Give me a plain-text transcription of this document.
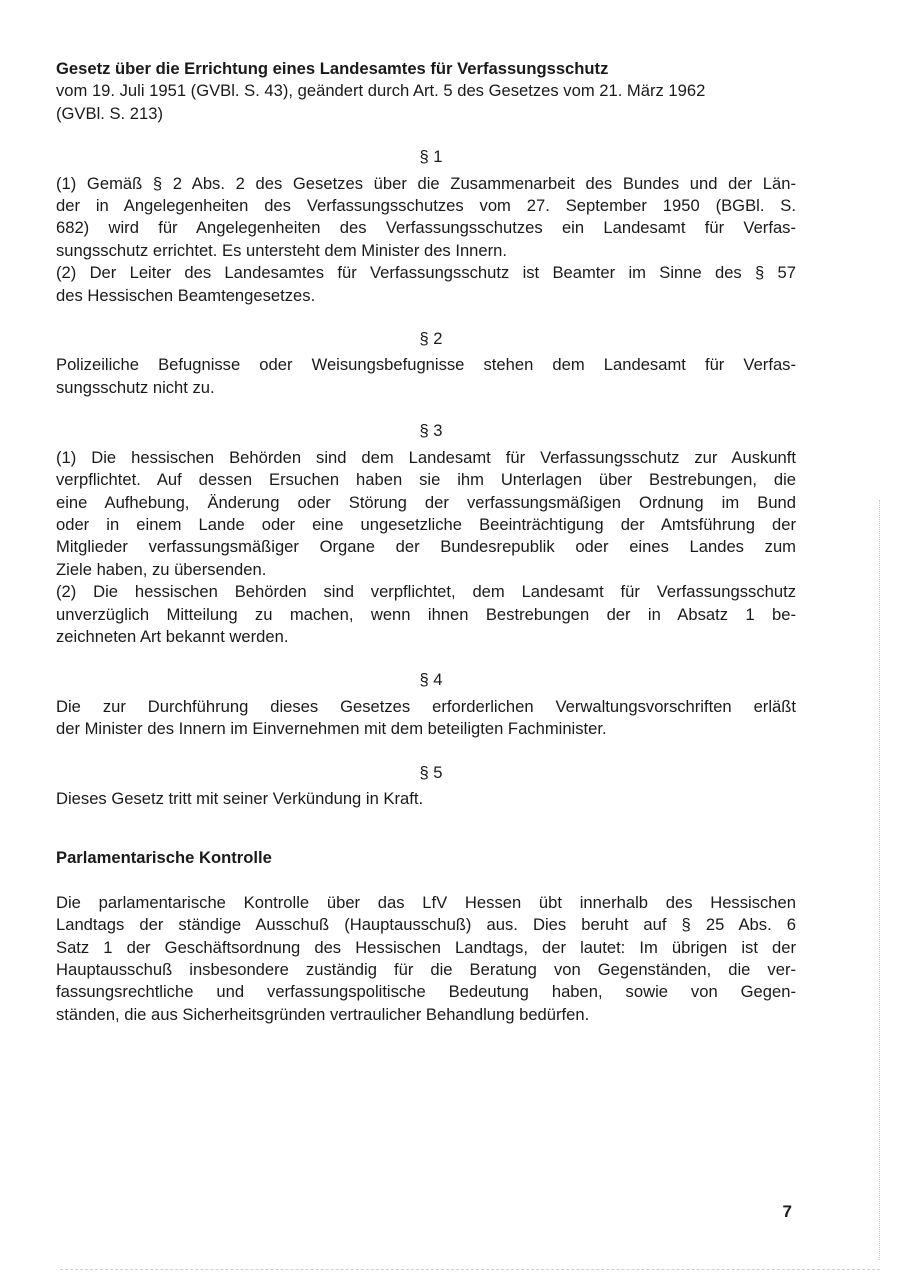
Gesetz über die Errichtung eines Landesamtes für Verfassungsschutz

vom 19. Juli 1951 (GVBl. S. 43), geändert durch Art. 5 des Gesetzes vom 21. März 1962

(GVBl. S. 213)

§ 1

(1) Gemäß § 2 Abs. 2 des Gesetzes über die Zusammenarbeit des Bundes und der Län-

der in Angelegenheiten des Verfassungsschutzes vom 27. September 1950 (BGBl. S.

682) wird für Angelegenheiten des Verfassungsschutzes ein Landesamt für Verfas-

sungsschutz errichtet. Es untersteht dem Minister des Innern.

(2) Der Leiter des Landesamtes für Verfassungsschutz ist Beamter im Sinne des § 57

des Hessischen Beamtengesetzes.

§ 2

Polizeiliche Befugnisse oder Weisungsbefugnisse stehen dem Landesamt für Verfas-

sungsschutz nicht zu.

§ 3

(1) Die hessischen Behörden sind dem Landesamt für Verfassungsschutz zur Auskunft

verpflichtet. Auf dessen Ersuchen haben sie ihm Unterlagen über Bestrebungen, die

eine Aufhebung, Änderung oder Störung der verfassungsmäßigen Ordnung im Bund

oder in einem Lande oder eine ungesetzliche Beeinträchtigung der Amtsführung der

Mitglieder verfassungsmäßiger Organe der Bundesrepublik oder eines Landes zum

Ziele haben, zu übersenden.

(2) Die hessischen Behörden sind verpflichtet, dem Landesamt für Verfassungsschutz

unverzüglich Mitteilung zu machen, wenn ihnen Bestrebungen der in Absatz 1 be-

zeichneten Art bekannt werden.

§ 4

Die zur Durchführung dieses Gesetzes erforderlichen Verwaltungsvorschriften erläßt

der Minister des Innern im Einvernehmen mit dem beteiligten Fachminister.

§ 5

Dieses Gesetz tritt mit seiner Verkündung in Kraft.

Parlamentarische Kontrolle

Die parlamentarische Kontrolle über das LfV Hessen übt innerhalb des Hessischen

Landtags der ständige Ausschuß (Hauptausschuß) aus. Dies beruht auf § 25 Abs. 6

Satz 1 der Geschäftsordnung des Hessischen Landtags, der lautet: Im übrigen ist der

Hauptausschuß insbesondere zuständig für die Beratung von Gegenständen, die ver-

fassungsrechtliche und verfassungspolitische Bedeutung haben, sowie von Gegen-

ständen, die aus Sicherheitsgründen vertraulicher Behandlung bedürfen.

7
